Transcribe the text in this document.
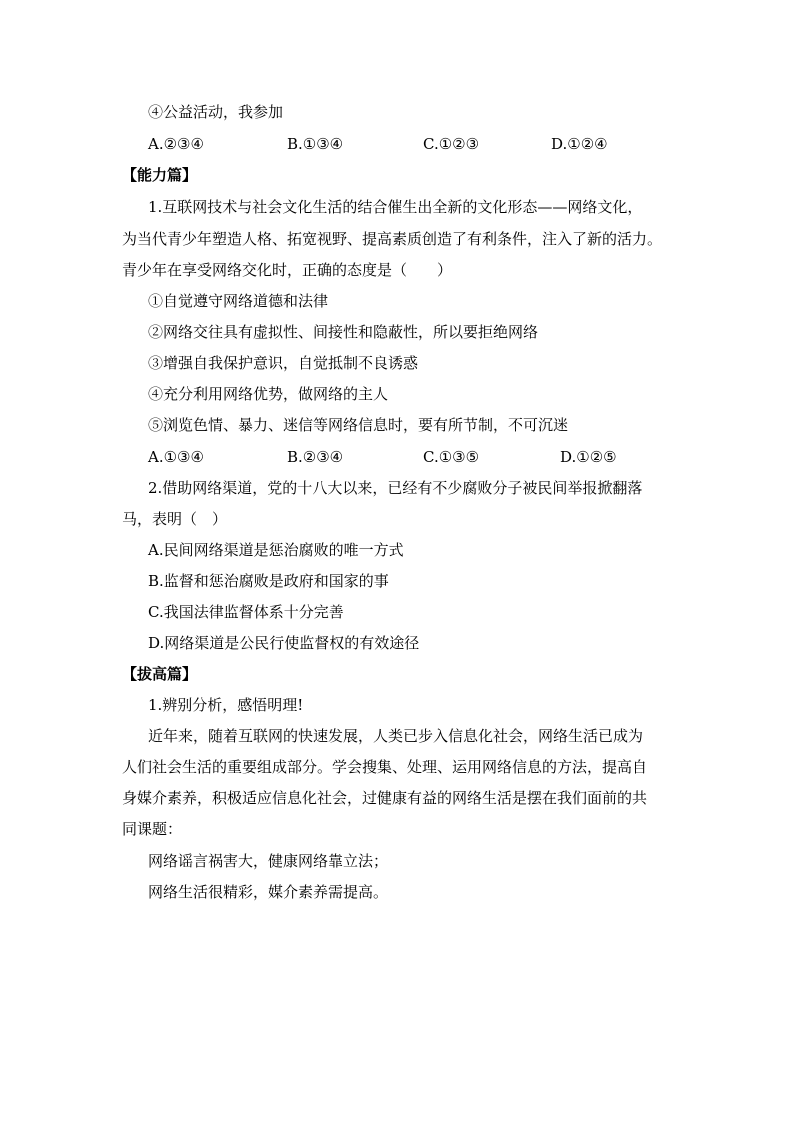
④公益活动，我参加
A.②③④	B.①③④	C.①②③	D.①②④
【能力篇】
1.互联网技术与社会文化生活的结合催生出全新的文化形态——网络文化，
为当代青少年塑造人格、拓宽视野、提高素质创造了有利条件，注入了新的活力。
青少年在享受网络交化时，正确的态度是（　　）
①自觉遵守网络道德和法律
②网络交往具有虚拟性、间接性和隐蔽性，所以要拒绝网络
③增强自我保护意识，自觉抵制不良诱惑
④充分利用网络优势，做网络的主人
⑤浏览色情、暴力、迷信等网络信息时，要有所节制，不可沉迷
A.①③④	B.②③④	C.①③⑤	D.①②⑤
2.借助网络渠道，党的十八大以来，已经有不少腐败分子被民间举报掀翻落
马，表明（　）
A.民间网络渠道是惩治腐败的唯一方式
B.监督和惩治腐败是政府和国家的事
C.我国法律监督体系十分完善
D.网络渠道是公民行使监督权的有效途径
【拔高篇】
1.辨别分析，感悟明理!
近年来，随着互联网的快速发展，人类已步入信息化社会，网络生活已成为
人们社会生活的重要组成部分。学会搜集、处理、运用网络信息的方法，提高自
身媒介素养，积极适应信息化社会，过健康有益的网络生活是摆在我们面前的共
同课题：
网络谣言祸害大，健康网络靠立法；
网络生活很精彩，媒介素养需提高。
